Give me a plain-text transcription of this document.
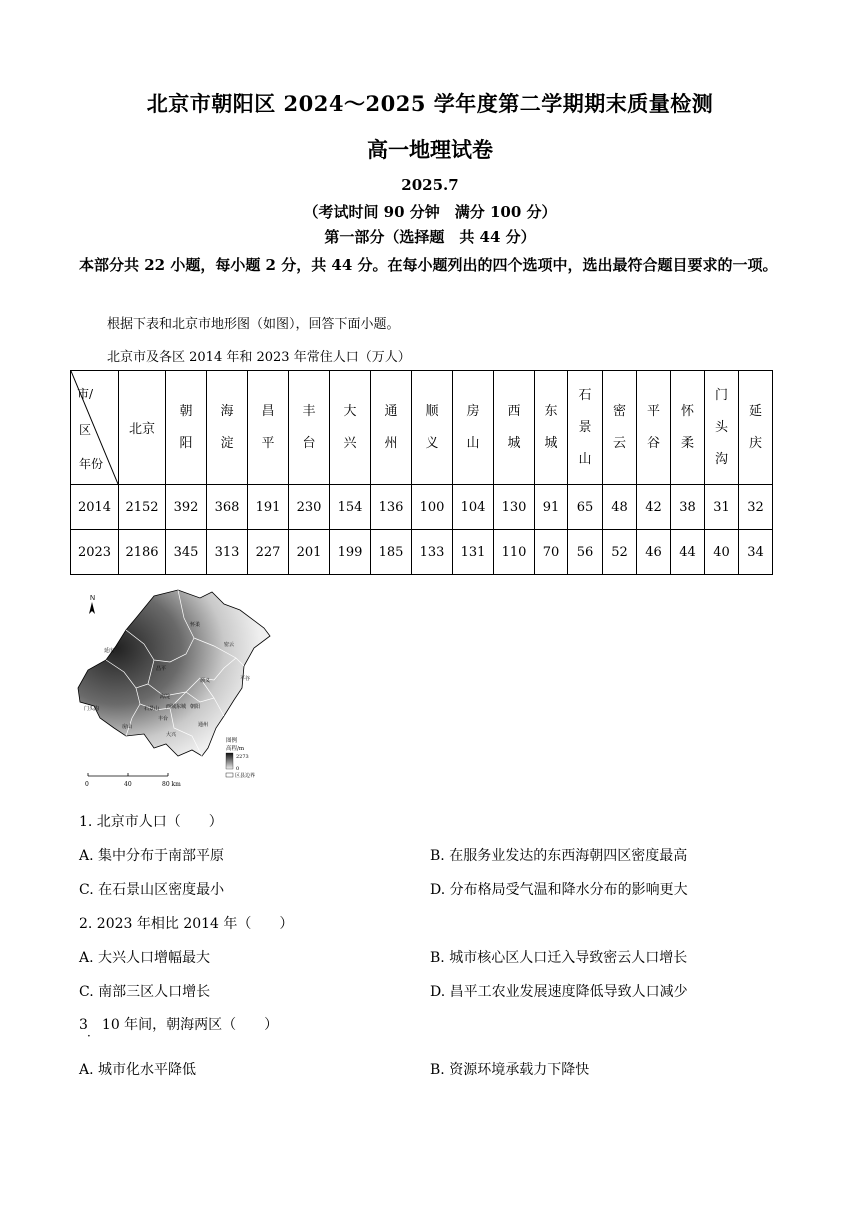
北京市朝阳区 2024～2025 学年度第二学期期末质量检测
高一地理试卷
2025.7
（考试时间 90 分钟　满分 100 分）
第一部分（选择题　共 44 分）
本部分共 22 小题，每小题 2 分，共 44 分。在每小题列出的四个选项中，选出最符合题目要求的一项。
根据下表和北京市地形图（如图），回答下面小题。
北京市及各区 2014 年和 2023 年常住人口（万人）
市/
区
年份	北京	朝阳	海淀	昌平	丰台	大兴	通州	顺义	房山	西城	东城	石景山	密云	平谷	怀柔	门头沟	延庆
2014	2152	392	368	191	230	154	136	100	104	130	91	65	48	42	38	31	32
2023	2186	345	313	227	201	199	185	133	131	110	70	56	52	46	44	40	34
N
延庆
怀柔
密云
昌平
顺义	平谷
门头沟
海淀
朝阳
石景山 西城 东城
丰台
房山
大兴
通州
图例
高程/m
2273
0
区县边界
0	40	80 km
1. 北京市人口（　　）
A. 集中分布于南部平原	B. 在服务业发达的东西海朝四区密度最高
C. 在石景山区密度最小	D. 分布格局受气温和降水分布的影响更大
2. 2023 年相比 2014 年（　　）
A. 大兴人口增幅最大	B. 城市核心区人口迁入导致密云人口增长
C. 南部三区人口增长	D. 昌平工农业发展速度降低导致人口减少
3　10 年间，朝海两区（　　）
·
A. 城市化水平降低	B. 资源环境承载力下降快
